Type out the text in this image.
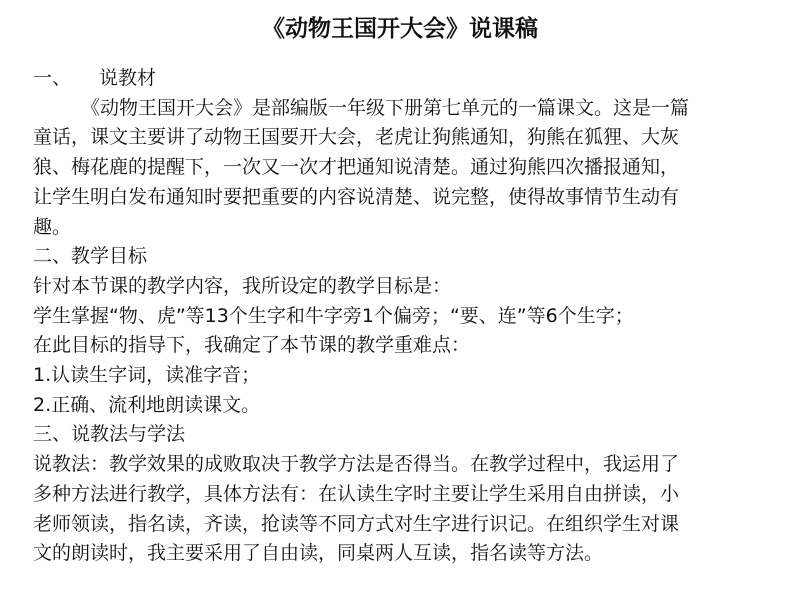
《动物王国开大会》说课稿
一、 说教材
《动物王国开大会》是部编版一年级下册第七单元的一篇课文。这是一篇
童话，课文主要讲了动物王国要开大会，老虎让狗熊通知，狗熊在狐狸、大灰
狼、梅花鹿的提醒下，一次又一次才把通知说清楚。通过狗熊四次播报通知，
让学生明白发布通知时要把重要的内容说清楚、说完整，使得故事情节生动有
趣。
二、教学目标
针对本节课的教学内容，我所设定的教学目标是：
学生掌握“物、虎”等13个生字和牛字旁1个偏旁；“要、连”等6个生字；
在此目标的指导下，我确定了本节课的教学重难点：
1.认读生字词，读准字音；
2.正确、流利地朗读课文。
三、说教法与学法
说教法：教学效果的成败取决于教学方法是否得当。在教学过程中，我运用了
多种方法进行教学，具体方法有：在认读生字时主要让学生采用自由拼读，小
老师领读，指名读，齐读，抢读等不同方式对生字进行识记。在组织学生对课
文的朗读时，我主要采用了自由读，同桌两人互读，指名读等方法。
